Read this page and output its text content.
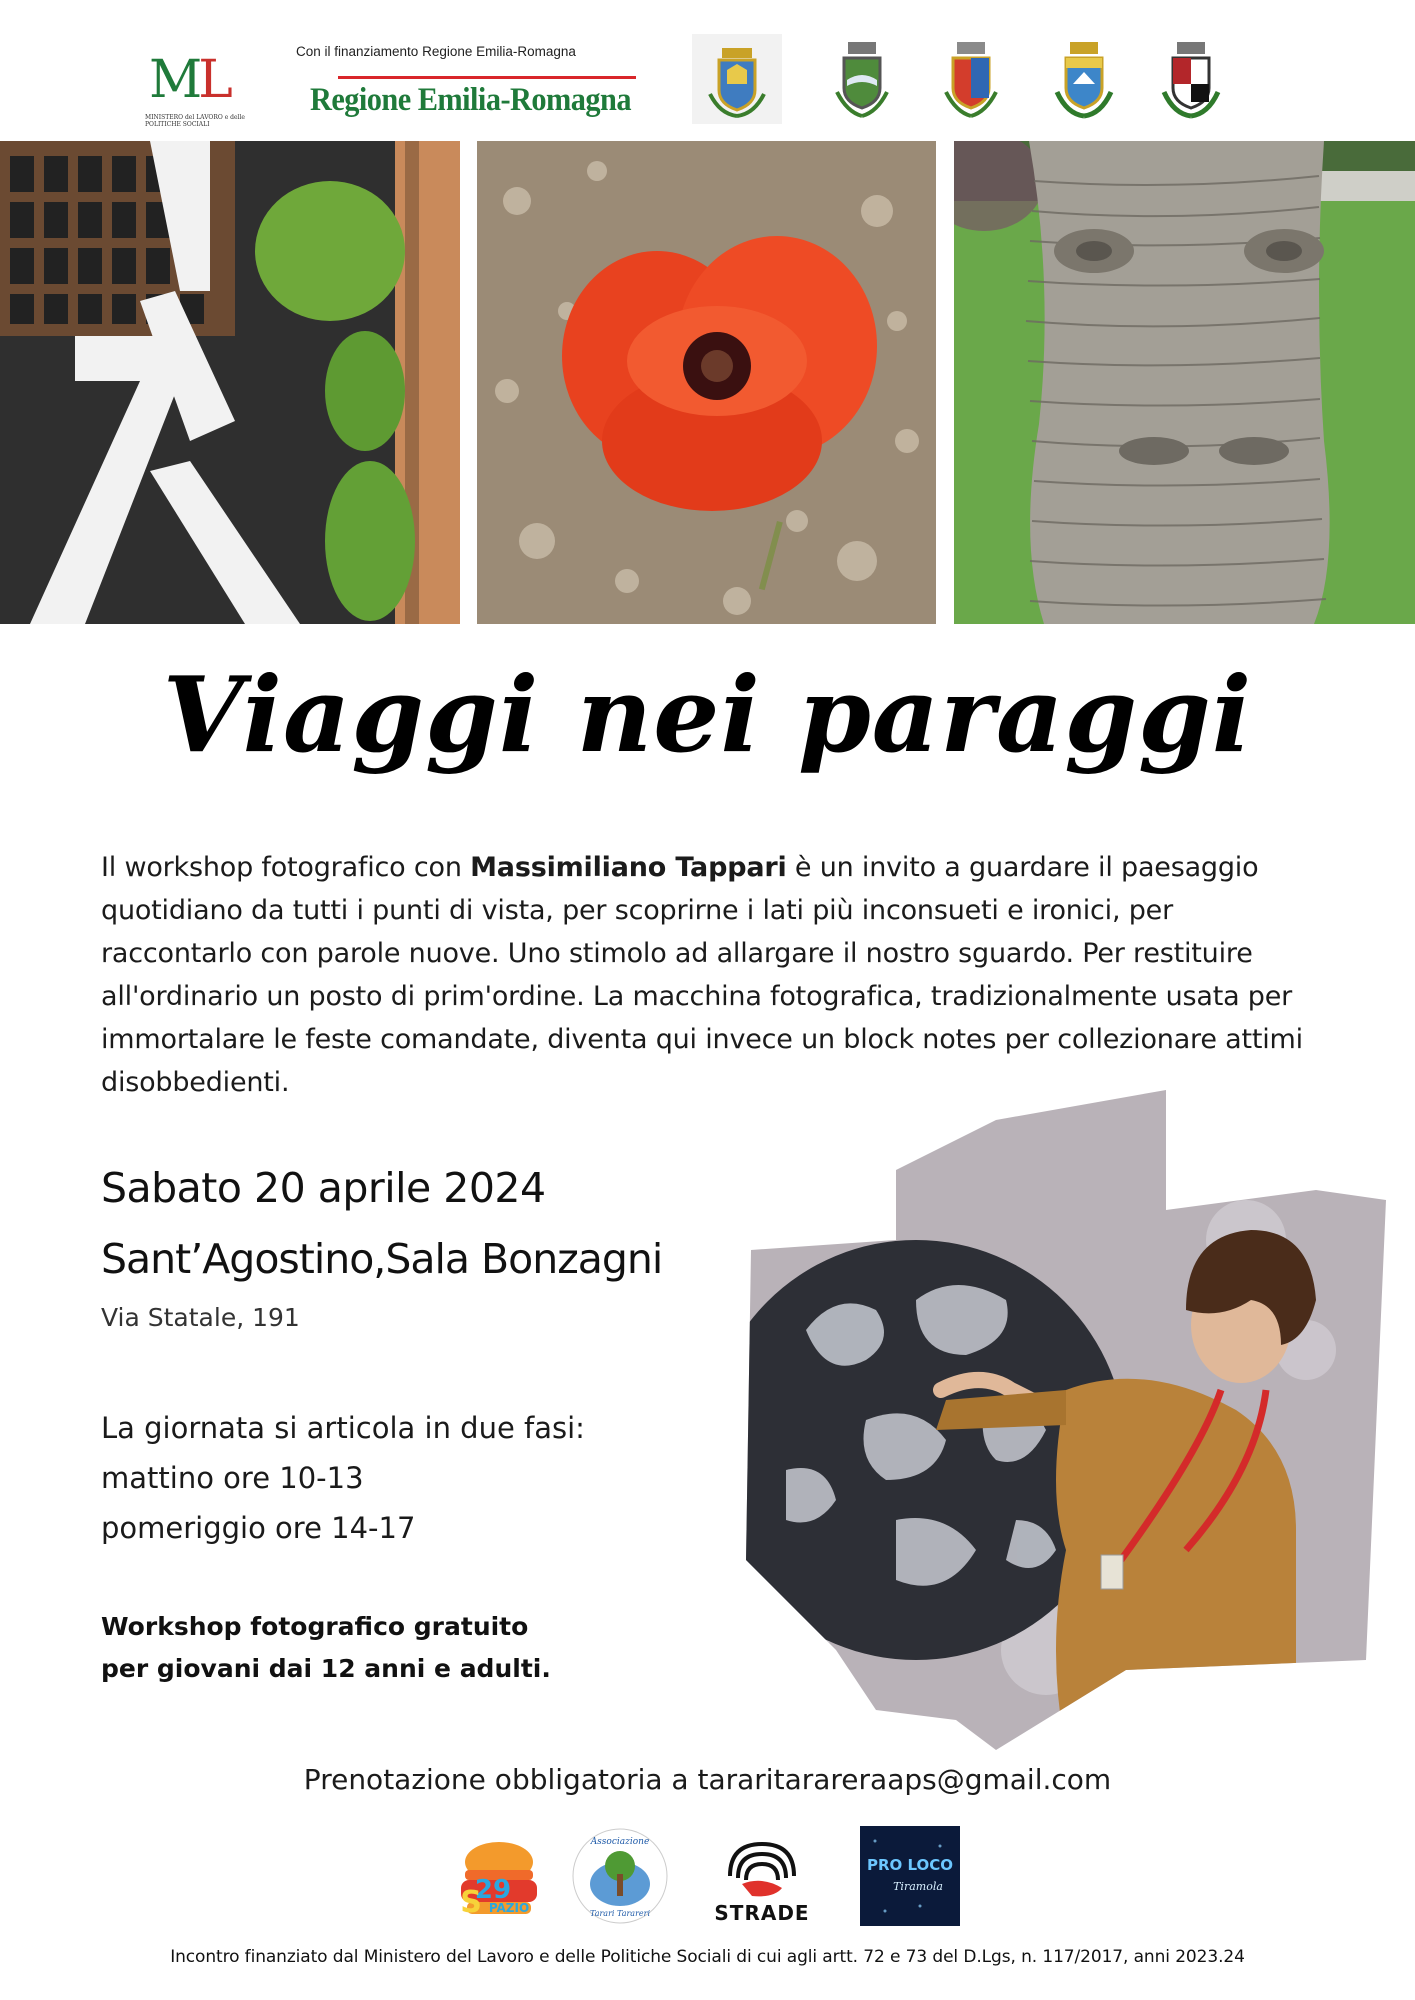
ML
MINISTERO del LAVORO e delle POLITICHE SOCIALI
Con il finanziamento Regione Emilia-Romagna
Regione Emilia-Romagna
Viaggi nei paraggi

Il workshop fotografico con Massimiliano Tappari è un invito a guardare il paesaggio quotidiano da tutti i punti di vista, per scoprirne i lati più inconsueti e ironici, per raccontarlo con parole nuove. Uno stimolo ad allargare il nostro sguardo. Per restituire all'ordinario un posto di prim'ordine. La macchina fotografica, tradizionalmente usata per immortalare le feste comandate, diventa qui invece un block notes per collezionare attimi disobbedienti.

Sabato 20 aprile 2024
Sant’Agostino,Sala Bonzagni
Via Statale, 191
La giornata si articola in due fasi:
mattino ore 10-13
pomeriggio ore 14-17
Workshop fotografico gratuito
per giovani dai 12 anni e adulti.
Prenotazione obbligatoria a tararitarareraaps@gmail.com
29
S PAZIO
Associazione
Tarari Tarareri	STRADE
PRO LOCO
Tiramola
Incontro finanziato dal Ministero del Lavoro e delle Politiche Sociali di cui agli artt. 72 e 73 del D.Lgs, n. 117/2017, anni 2023.24
